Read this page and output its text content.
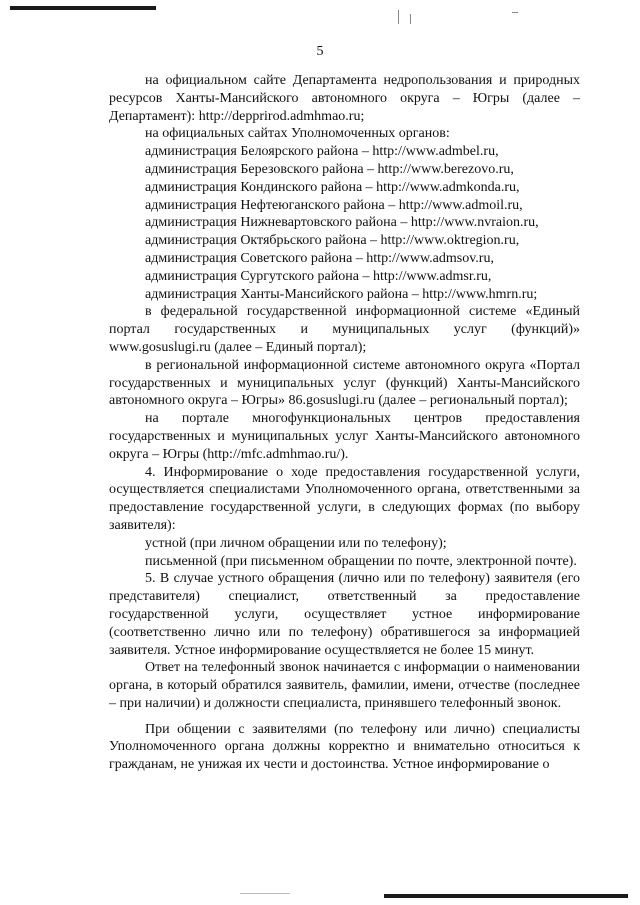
5

на официальном сайте Департамента недропользования и природных ресурсов Ханты-Мансийского автономного округа – Югры (далее – Департамент): http://depprirod.admhmao.ru;

на официальных сайтах Уполномоченных органов:

администрация Белоярского района – http://www.admbel.ru,

администрация Березовского района – http://www.berezovo.ru,

администрация Кондинского района – http://www.admkonda.ru,

администрация Нефтеюганского района – http://www.admoil.ru,

администрация Нижневартовского района – http://www.nvraion.ru,

администрация Октябрьского района – http://www.oktregion.ru,

администрация Советского района – http://www.admsov.ru,

администрация Сургутского района – http://www.admsr.ru,

администрация Ханты-Мансийского района – http://www.hmrn.ru;

в федеральной государственной информационной системе «Единый портал государственных и муниципальных услуг (функций)» www.gosuslugi.ru (далее – Единый портал);

в региональной информационной системе автономного округа «Портал государственных и муниципальных услуг (функций) Ханты-Мансийского автономного округа – Югры» 86.gosuslugi.ru (далее – региональный портал);

на портале многофункциональных центров предоставления государственных и муниципальных услуг Ханты-Мансийского автономного округа – Югры (http://mfc.admhmao.ru/).

4. Информирование о ходе предоставления государственной услуги, осуществляется специалистами Уполномоченного органа, ответственными за предоставление государственной услуги, в следующих формах (по выбору заявителя):

устной (при личном обращении или по телефону);

письменной (при письменном обращении по почте, электронной почте).

5. В случае устного обращения (лично или по телефону) заявителя (его представителя) специалист, ответственный за предоставление государственной услуги, осуществляет устное информирование (соответственно лично или по телефону) обратившегося за информацией заявителя. Устное информирование осуществляется не более 15 минут.

Ответ на телефонный звонок начинается с информации о наименовании органа, в который обратился заявитель, фамилии, имени, отчестве (последнее – при наличии) и должности специалиста, принявшего телефонный звонок.

При общении с заявителями (по телефону или лично) специалисты Уполномоченного органа должны корректно и внимательно относиться к гражданам, не унижая их чести и достоинства. Устное информирование о
